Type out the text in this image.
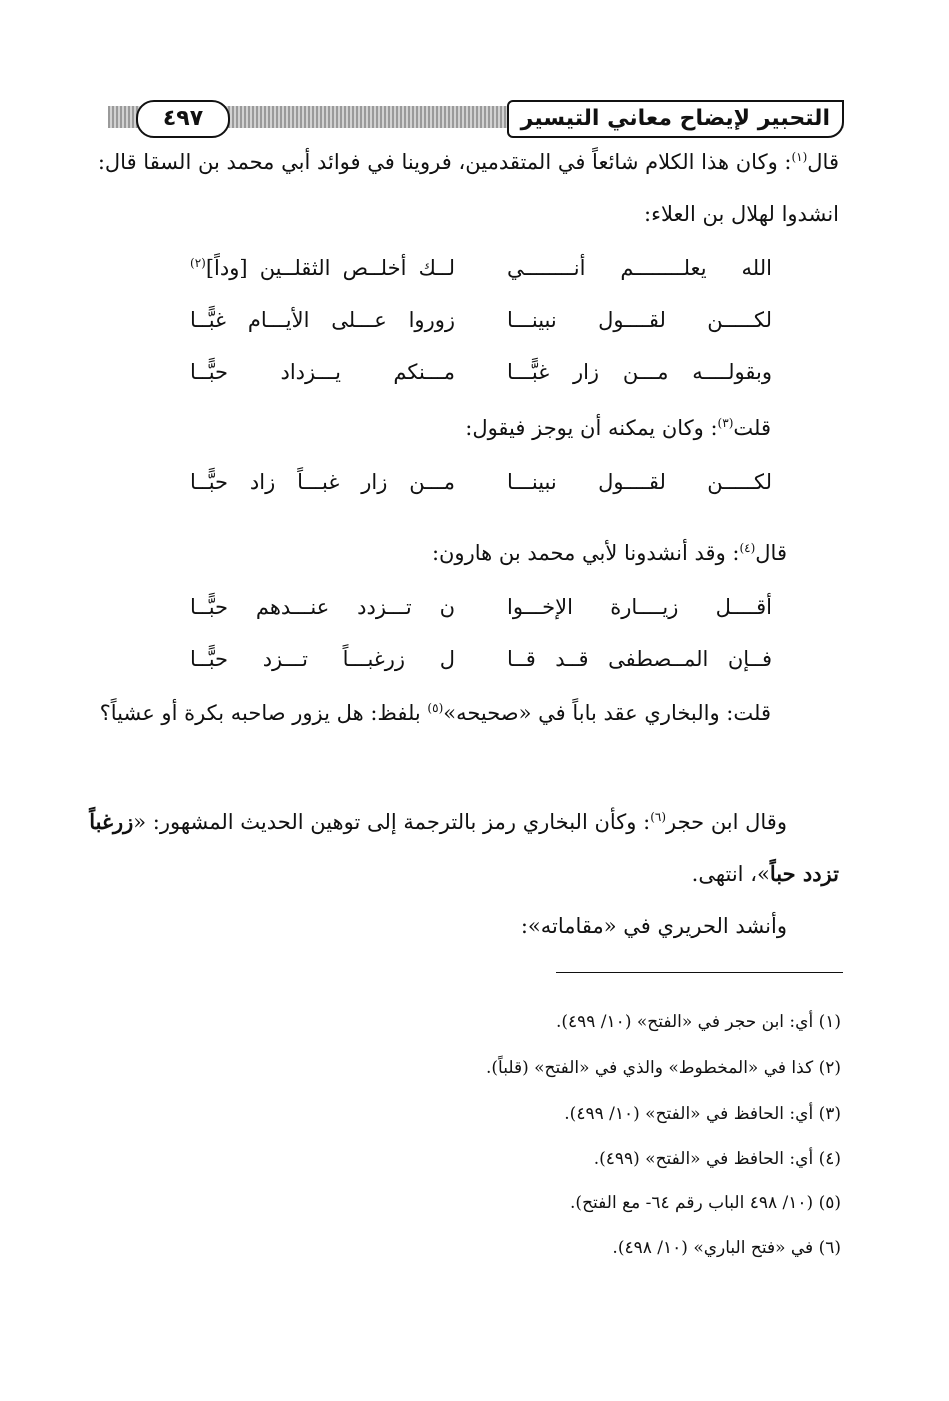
التحبير لإيضاح معاني التيسير
٤٩٧
قال$^{(١)}$: وكان هذا الكلام شائعاً في المتقدمين، فروينا في فوائد أبي محمد بن السقا قال:
انشدوا لهلال بن العلاء:
الله يعلــــــــم أنــــــــي
لــك أخلــص الثقلــين [وداً]$^{(٢)}$
لكـــــن لقــــول نبينـــا
زوروا عـــلى الأيـــام غبًّــا
وبقولــــه مـــن زار غبًّـــا
مـــنكم يـــزداد حبًّــا
قلت$^{(٣)}$: وكان يمكنه أن يوجز فيقول:
لكـــــن لقــــول نبينـــا
مـــن زار غبـــاً زاد حبًّــا
قال$^{(٤)}$: وقد أنشدونا لأبي محمد بن هارون:
أقــــل زيــــارة الإخـــوا
ن تـــزدد عنـــدهم حبًّــا
فــإن المــصطفى قــد قــا
ل زرغبـــاً تـــزد حبًّــا
قلت: والبخاري عقد باباً في «صحيحه»$^{(٥)}$ بلفظ: هل يزور صاحبه بكرة أو عشياً؟
وقال ابن حجر$^{(٦)}$: وكأن البخاري رمز بالترجمة إلى توهين الحديث المشهور: «زرغباً
تزدد حباً»، انتهى.
وأنشد الحريري في «مقاماته»:
(١) أي: ابن حجر في «الفتح» (١٠/ ٤٩٩).
(٢) كذا في «المخطوط» والذي في «الفتح» (قلباً).
(٣) أي: الحافظ في «الفتح» (١٠/ ٤٩٩).
(٤) أي: الحافظ في «الفتح» (٤٩٩).
(٥) (١٠/ ٤٩٨ الباب رقم ٦٤- مع الفتح).
(٦) في «فتح الباري» (١٠/ ٤٩٨).
